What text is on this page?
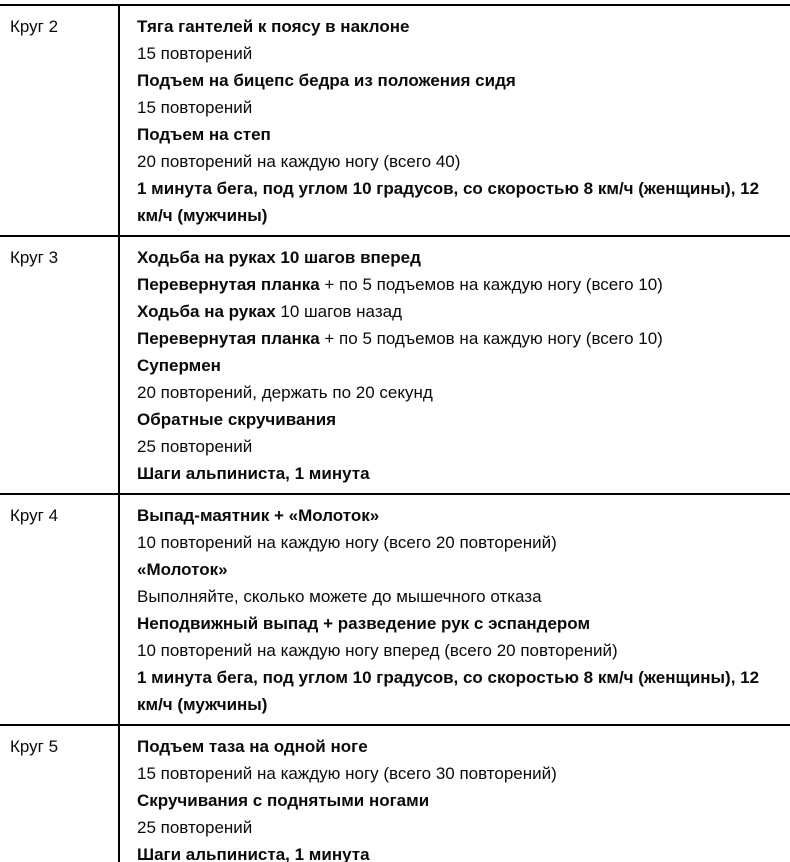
Круг 2	Тяга гантелей к поясу в наклоне
15 повторений
Подъем на бицепс бедра из положения сидя
15 повторений
Подъем на степ
20 повторений на каждую ногу (всего 40)
1 минута бега, под углом 10 градусов, со скоростью 8 км/ч (женщины), 12 км/ч (мужчины)
Круг 3	Ходьба на руках 10 шагов вперед
Перевернутая планка + по 5 подъемов на каждую ногу (всего 10)
Ходьба на руках 10 шагов назад
Перевернутая планка + по 5 подъемов на каждую ногу (всего 10)
Супермен
20 повторений, держать по 20 секунд
Обратные скручивания
25 повторений
Шаги альпиниста, 1 минута
Круг 4	Выпад-маятник + «Молоток»
10 повторений на каждую ногу (всего 20 повторений)
«Молоток»
Выполняйте, сколько можете до мышечного отказа
Неподвижный выпад + разведение рук с эспандером
10 повторений на каждую ногу вперед (всего 20 повторений)
1 минута бега, под углом 10 градусов, со скоростью 8 км/ч (женщины), 12 км/ч (мужчины)
Круг 5	Подъем таза на одной ноге
15 повторений на каждую ногу (всего 30 повторений)
Скручивания с поднятыми ногами
25 повторений
Шаги альпиниста, 1 минута
